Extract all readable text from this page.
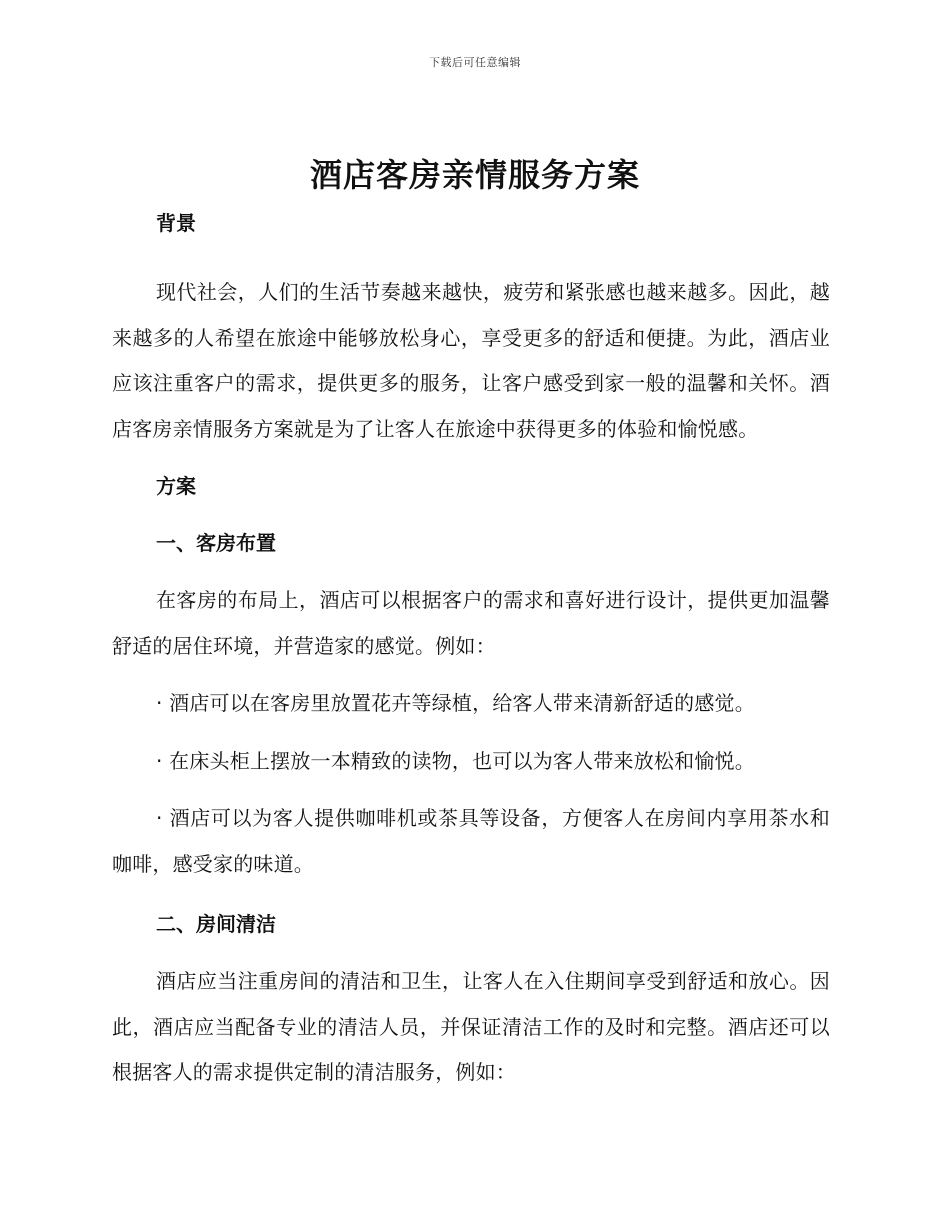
下载后可任意编辑
酒店客房亲情服务方案

背景

现代社会，人们的生活节奏越来越快，疲劳和紧张感也越来越多。因此，越来越多的人希望在旅途中能够放松身心，享受更多的舒适和便捷。为此，酒店业应该注重客户的需求，提供更多的服务，让客户感受到家一般的温馨和关怀。酒店客房亲情服务方案就是为了让客人在旅途中获得更多的体验和愉悦感。

方案

一、客房布置

在客房的布局上，酒店可以根据客户的需求和喜好进行设计，提供更加温馨舒适的居住环境，并营造家的感觉。例如：

· 酒店可以在客房里放置花卉等绿植，给客人带来清新舒适的感觉。

· 在床头柜上摆放一本精致的读物，也可以为客人带来放松和愉悦。

· 酒店可以为客人提供咖啡机或茶具等设备，方便客人在房间内享用茶水和咖啡，感受家的味道。

二、房间清洁

酒店应当注重房间的清洁和卫生，让客人在入住期间享受到舒适和放心。因此，酒店应当配备专业的清洁人员，并保证清洁工作的及时和完整。酒店还可以根据客人的需求提供定制的清洁服务，例如：
